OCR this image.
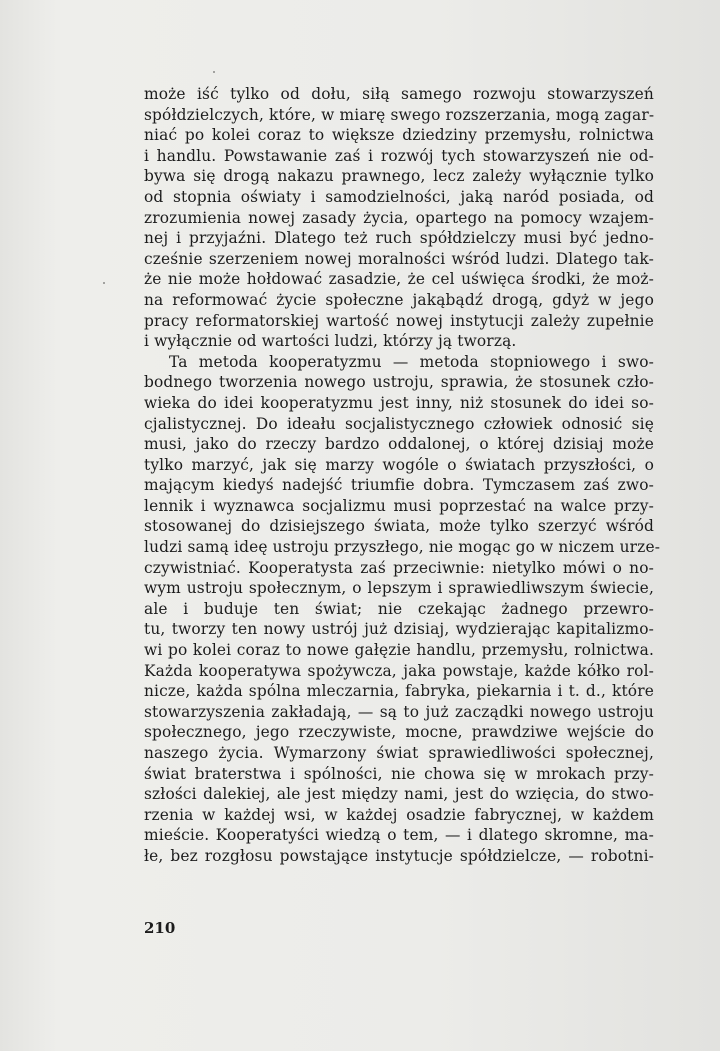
może iść tylko od dołu, siłą samego rozwoju stowarzyszeń
spółdzielczych, które, w miarę swego rozszerzania, mogą zagar-
niać po kolei coraz to większe dziedziny przemysłu, rolnictwa
i handlu. Powstawanie zaś i rozwój tych stowarzyszeń nie od-
bywa się drogą nakazu prawnego, lecz zależy wyłącznie tylko
od stopnia oświaty i samodzielności, jaką naród posiada, od
zrozumienia nowej zasady życia, opartego na pomocy wzajem-
nej i przyjaźni. Dlatego też ruch spółdzielczy musi być jedno-
cześnie szerzeniem nowej moralności wśród ludzi. Dlatego tak-
że nie może hołdować zasadzie, że cel uświęca środki, że moż-
na reformować życie społeczne jakąbądź drogą, gdyż w jego
pracy reformatorskiej wartość nowej instytucji zależy zupełnie
i wyłącznie od wartości ludzi, którzy ją tworzą.
Ta metoda kooperatyzmu — metoda stopniowego i swo-
bodnego tworzenia nowego ustroju, sprawia, że stosunek czło-
wieka do idei kooperatyzmu jest inny, niż stosunek do idei so-
cjalistycznej. Do ideału socjalistycznego człowiek odnosić się
musi, jako do rzeczy bardzo oddalonej, o której dzisiaj może
tylko marzyć, jak się marzy wogóle o światach przyszłości, o
mającym kiedyś nadejść triumfie dobra. Tymczasem zaś zwo-
lennik i wyznawca socjalizmu musi poprzestać na walce przy-
stosowanej do dzisiejszego świata, może tylko szerzyć wśród
ludzi samą ideę ustroju przyszłego, nie mogąc go w niczem urze-
czywistniać. Kooperatysta zaś przeciwnie: nietylko mówi o no-
wym ustroju społecznym, o lepszym i sprawiedliwszym świecie,
ale i buduje ten świat; nie czekając żadnego przewro-
tu, tworzy ten nowy ustrój już dzisiaj, wydzierając kapitalizmo-
wi po kolei coraz to nowe gałęzie handlu, przemysłu, rolnictwa.
Każda kooperatywa spożywcza, jaka powstaje, każde kółko rol-
nicze, każda spólna mleczarnia, fabryka, piekarnia i t. d., które
stowarzyszenia zakładają, — są to już zacządki nowego ustroju
społecznego, jego rzeczywiste, mocne, prawdziwe wejście do
naszego życia. Wymarzony świat sprawiedliwości społecznej,
świat braterstwa i spólności, nie chowa się w mrokach przy-
szłości dalekiej, ale jest między nami, jest do wzięcia, do stwo-
rzenia w każdej wsi, w każdej osadzie fabrycznej, w każdem
mieście. Kooperatyści wiedzą o tem, — i dlatego skromne, ma-
łe, bez rozgłosu powstające instytucje spółdzielcze, — robotni-
210
